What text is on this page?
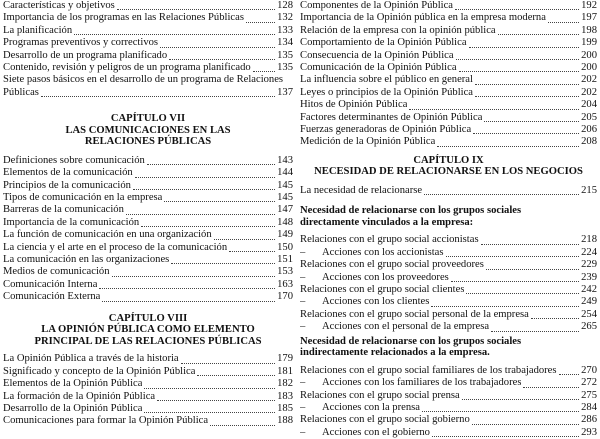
Características y objetivos	128
Importancia de los programas en las Relaciones Públicas	132
La planificación	133
Programas preventivos y correctivos	134
Desarrollo de un programa planificado	135
Contenido, revisión y peligros de un programa planificado 135
Siete pasos básicos en el desarrollo de un programa de Relaciones
Públicas	137
CAPÍTULO VII
LAS COMUNICACIONES EN LAS
RELACIONES PÚBLICAS
Definiciones sobre comunicación	143
Elementos de la comunicación	144
Principios de la comunicación	145
Tipos de comunicación en la empresa	145
Barreras de la comunicación	147
Importancia de la comunicación	148
La función de comunicación en una organización	149
La ciencia y el arte en el proceso de la comunicación	150
La comunicación en las organizaciones	151
Medios de comunicación	153
Comunicación Interna	163
Comunicación Externa	170
CAPÍTULO VIII
LA OPINIÓN PÚBLICA COMO ELEMENTO
PRINCIPAL DE LAS RELACIONES PÚBLICAS
La Opinión Pública a través de la historia	179
Significado y concepto de la Opinión Pública	181
Elementos de la Opinión Pública	182
La formación de la Opinión Pública	183
Desarrollo de la Opinión Pública	185
Comunicaciones para formar la Opinión Pública	188
Componentes de la Opinión Pública	192
Importancia de la Opinión pública en la empresa moderna	197
Relación de la empresa con la opinión pública	198
Comportamiento de la Opinión Pública	199
Consecuencia de la Opinión Pública	200
Comunicación de la Opinión Pública	200
La influencia sobre el público en general	202
Leyes o principios de la Opinión Pública	202
Hitos de Opinión Pública	204
Factores determinantes de Opinión Pública	205
Fuerzas generadoras de Opinión Pública	206
Medición de la Opinión Pública	208
CAPÍTULO IX
NECESIDAD DE RELACIONARSE EN LOS NEGOCIOS
La necesidad de relacionarse	215
Necesidad de relacionarse con los grupos sociales
directamente vinculados a la empresa:
Relaciones con el grupo social accionistas	218
– Acciones con los accionistas	224
Relaciones con el grupo social proveedores	229
– Acciones con los proveedores	239
Relaciones con el grupo social clientes	242
– Acciones con los clientes	249
Relaciones con el grupo social personal de la empresa	254
– Acciones con el personal de la empresa	265
Necesidad de relacionarse con los grupos sociales
indirectamente relacionados a la empresa.
Relaciones con el grupo social familiares de los trabajadores 270
– Acciones con los familiares de los trabajadores	272
Relaciones con el grupo social prensa	275
– Acciones con la prensa	284
Relaciones con el grupo social gobierno	286
– Acciones con el gobierno	293
